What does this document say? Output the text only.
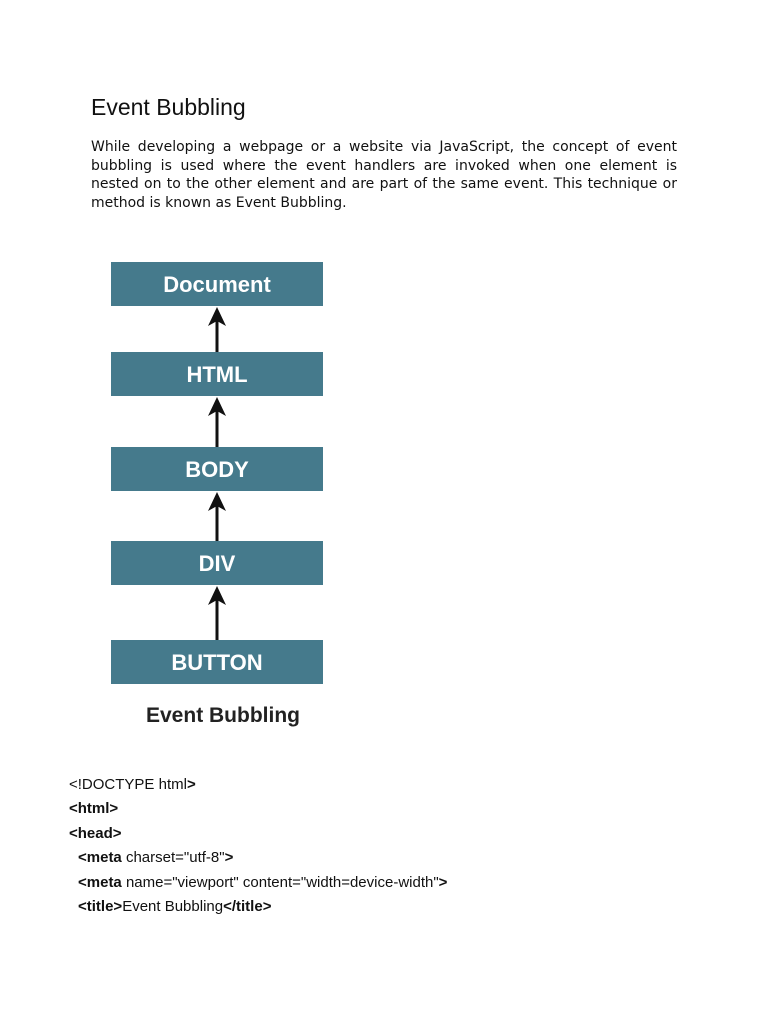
Event Bubbling

While developing a webpage or a website via JavaScript, the concept of event bubbling is used where the event handlers are invoked when one element is nested on to the other element and are part of the same event. This technique or method is known as Event Bubbling.

Document
HTML
BODY
DIV
BUTTON
Event Bubbling
<!DOCTYPE html>
<html>
<head>
<meta charset="utf-8">
<meta name="viewport" content="width=device-width">
<title>Event Bubbling</title>
